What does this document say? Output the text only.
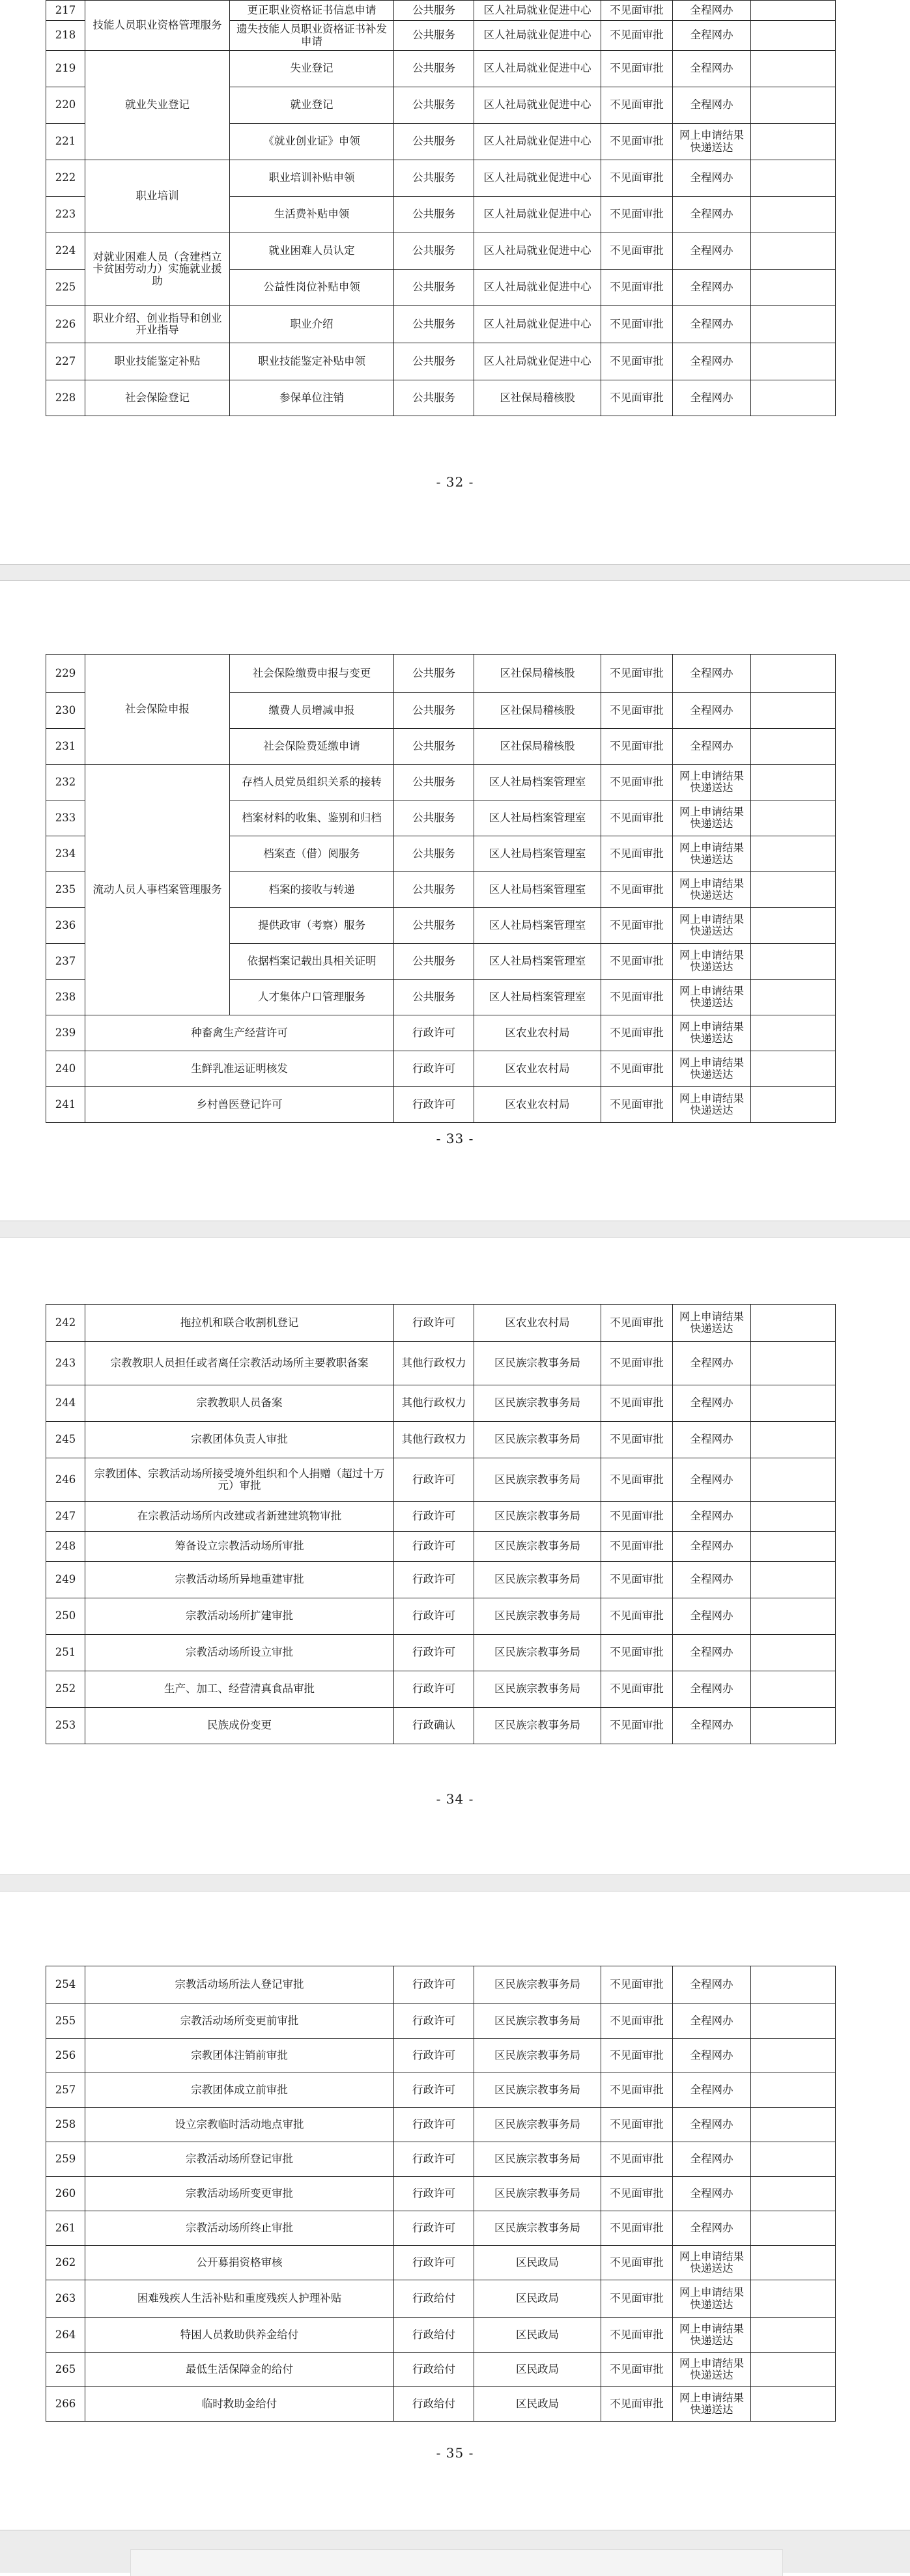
217	技能人员职业资格管理服务	更正职业资格证书信息申请	公共服务	区人社局就业促进中心	不见面审批	全程网办	
218		遗失技能人员职业资格证书补发申请	公共服务	区人社局就业促进中心	不见面审批	全程网办	
219	就业失业登记	失业登记	公共服务	区人社局就业促进中心	不见面审批	全程网办	
220		就业登记	公共服务	区人社局就业促进中心	不见面审批	全程网办	
221		《就业创业证》申领	公共服务	区人社局就业促进中心	不见面审批	网上申请结果快递送达	
222	职业培训	职业培训补贴申领	公共服务	区人社局就业促进中心	不见面审批	全程网办	
223		生活费补贴申领	公共服务	区人社局就业促进中心	不见面审批	全程网办	
224	对就业困难人员（含建档立卡贫困劳动力）实施就业援助	就业困难人员认定	公共服务	区人社局就业促进中心	不见面审批	全程网办	
225		公益性岗位补贴申领	公共服务	区人社局就业促进中心	不见面审批	全程网办	
226	职业介绍、创业指导和创业开业指导	职业介绍	公共服务	区人社局就业促进中心	不见面审批	全程网办	
227	职业技能鉴定补贴	职业技能鉴定补贴申领	公共服务	区人社局就业促进中心	不见面审批	全程网办	
228	社会保险登记	参保单位注销	公共服务	区社保局稽核股	不见面审批	全程网办	
- 32 -
229	社会保险申报	社会保险缴费申报与变更	公共服务	区社保局稽核股	不见面审批	全程网办	
230		缴费人员增减申报	公共服务	区社保局稽核股	不见面审批	全程网办	
231		社会保险费延缴申请	公共服务	区社保局稽核股	不见面审批	全程网办	
232	流动人员人事档案管理服务	存档人员党员组织关系的接转	公共服务	区人社局档案管理室	不见面审批	网上申请结果快递送达	
233		档案材料的收集、鉴别和归档	公共服务	区人社局档案管理室	不见面审批	网上申请结果快递送达	
234		档案查（借）阅服务	公共服务	区人社局档案管理室	不见面审批	网上申请结果快递送达	
235		档案的接收与转递	公共服务	区人社局档案管理室	不见面审批	网上申请结果快递送达	
236		提供政审（考察）服务	公共服务	区人社局档案管理室	不见面审批	网上申请结果快递送达	
237		依据档案记载出具相关证明	公共服务	区人社局档案管理室	不见面审批	网上申请结果快递送达	
238		人才集体户口管理服务	公共服务	区人社局档案管理室	不见面审批	网上申请结果快递送达	
239	种畜禽生产经营许可		行政许可	区农业农村局	不见面审批	网上申请结果快递送达	
240	生鲜乳准运证明核发		行政许可	区农业农村局	不见面审批	网上申请结果快递送达	
241	乡村兽医登记许可		行政许可	区农业农村局	不见面审批	网上申请结果快递送达	
- 33 -
242	拖拉机和联合收割机登记	行政许可	区农业农村局	不见面审批	网上申请结果快递送达	
243	宗教教职人员担任或者离任宗教活动场所主要教职备案	其他行政权力	区民族宗教事务局	不见面审批	全程网办	
244	宗教教职人员备案	其他行政权力	区民族宗教事务局	不见面审批	全程网办	
245	宗教团体负责人审批	其他行政权力	区民族宗教事务局	不见面审批	全程网办	
246	宗教团体、宗教活动场所接受境外组织和个人捐赠（超过十万元）审批	行政许可	区民族宗教事务局	不见面审批	全程网办	
247	在宗教活动场所内改建或者新建建筑物审批	行政许可	区民族宗教事务局	不见面审批	全程网办	
248	筹备设立宗教活动场所审批	行政许可	区民族宗教事务局	不见面审批	全程网办	
249	宗教活动场所异地重建审批	行政许可	区民族宗教事务局	不见面审批	全程网办	
250	宗教活动场所扩建审批	行政许可	区民族宗教事务局	不见面审批	全程网办	
251	宗教活动场所设立审批	行政许可	区民族宗教事务局	不见面审批	全程网办	
252	生产、加工、经营清真食品审批	行政许可	区民族宗教事务局	不见面审批	全程网办	
253	民族成份变更	行政确认	区民族宗教事务局	不见面审批	全程网办	
- 34 -
254	宗教活动场所法人登记审批	行政许可	区民族宗教事务局	不见面审批	全程网办	
255	宗教活动场所变更前审批	行政许可	区民族宗教事务局	不见面审批	全程网办	
256	宗教团体注销前审批	行政许可	区民族宗教事务局	不见面审批	全程网办	
257	宗教团体成立前审批	行政许可	区民族宗教事务局	不见面审批	全程网办	
258	设立宗教临时活动地点审批	行政许可	区民族宗教事务局	不见面审批	全程网办	
259	宗教活动场所登记审批	行政许可	区民族宗教事务局	不见面审批	全程网办	
260	宗教活动场所变更审批	行政许可	区民族宗教事务局	不见面审批	全程网办	
261	宗教活动场所终止审批	行政许可	区民族宗教事务局	不见面审批	全程网办	
262	公开募捐资格审核	行政许可	区民政局	不见面审批	网上申请结果快递送达	
263	困难残疾人生活补贴和重度残疾人护理补贴	行政给付	区民政局	不见面审批	网上申请结果快递送达	
264	特困人员救助供养金给付	行政给付	区民政局	不见面审批	网上申请结果快递送达	
265	最低生活保障金的给付	行政给付	区民政局	不见面审批	网上申请结果快递送达	
266	临时救助金给付	行政给付	区民政局	不见面审批	网上申请结果快递送达	
- 35 -
